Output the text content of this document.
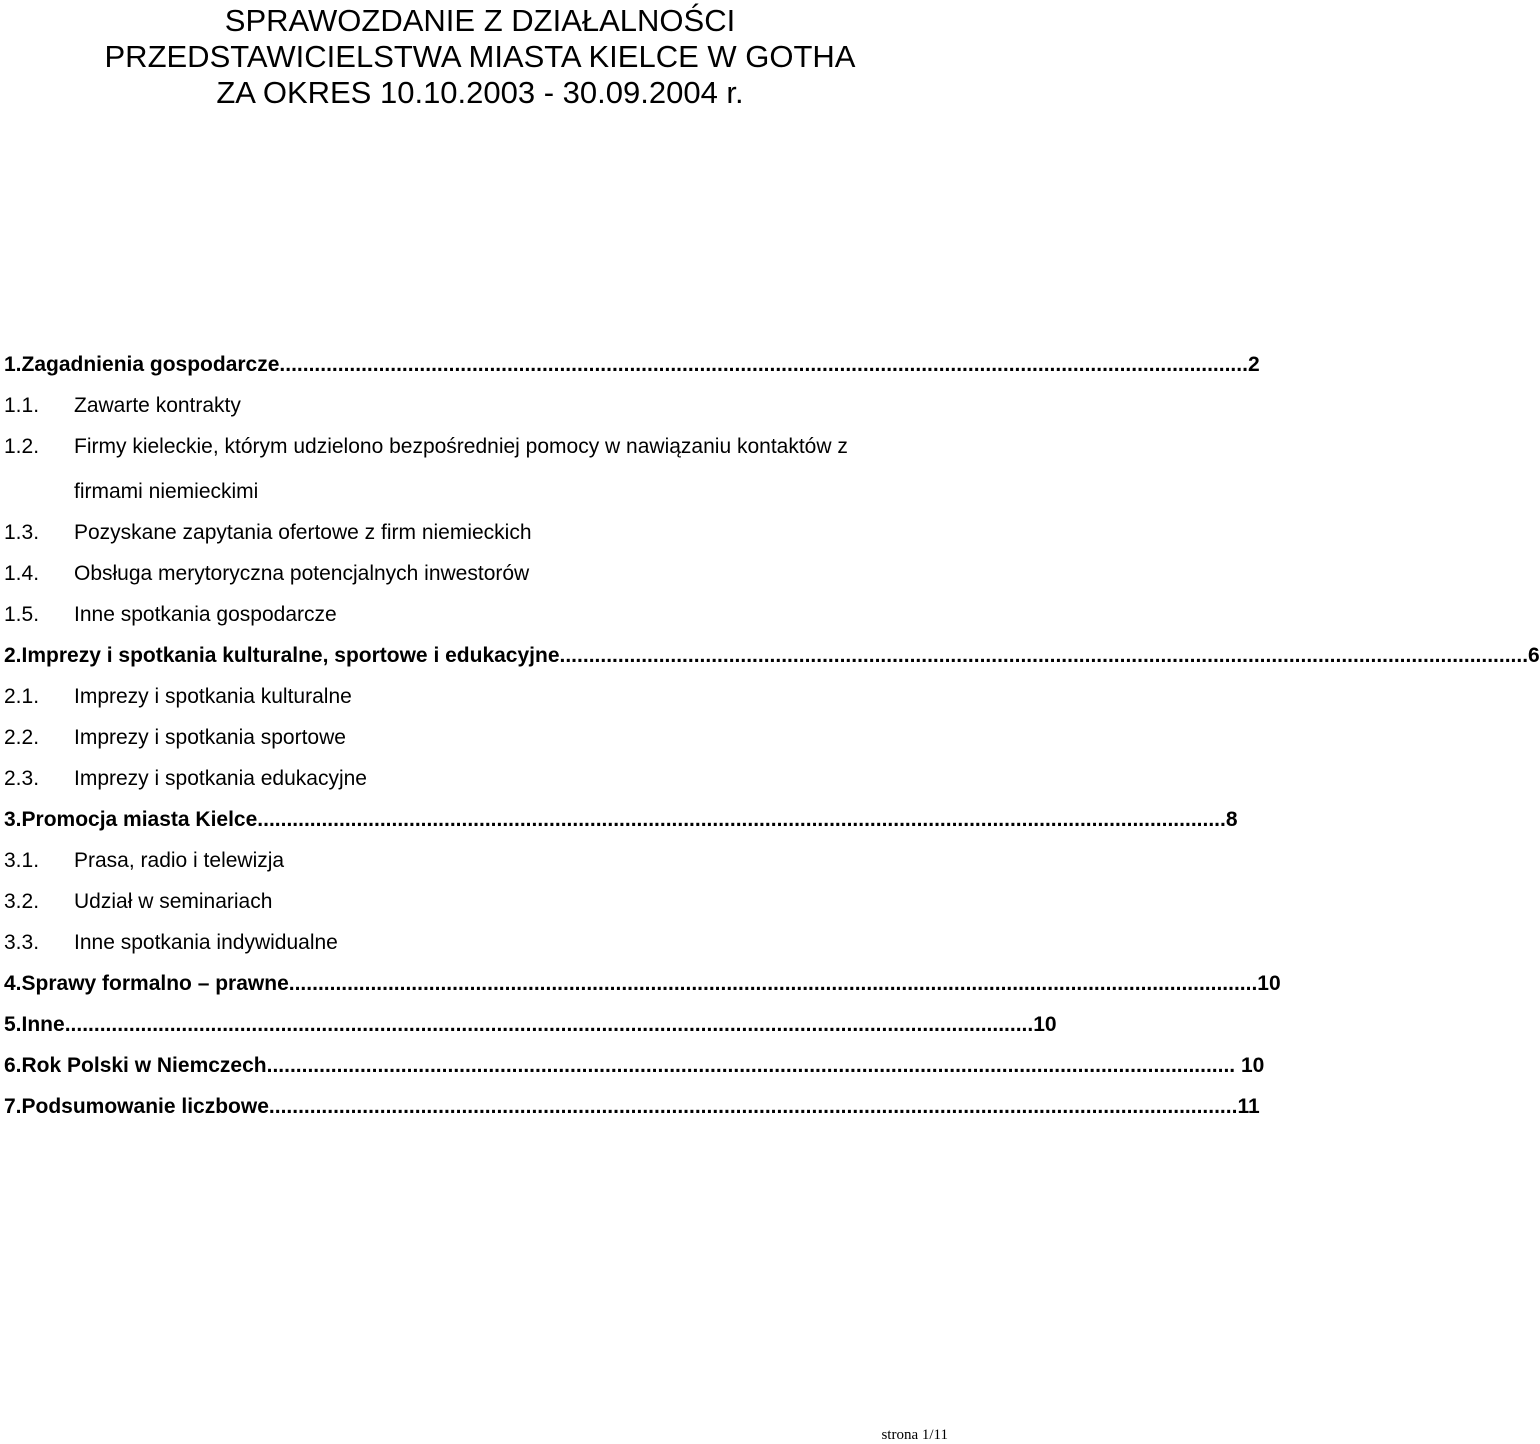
SPRAWOZDANIE Z DZIAŁALNOŚCI
PRZEDSTAWICIELSTWA MIASTA KIELCE W GOTHA
ZA OKRES 10.10.2003 - 30.09.2004 r.
1. Zagadnienia gospodarcze ...................................................................................................................................................................... 2
1.1. Zawarte kontrakty
1.2. Firmy kieleckie, którym udzielono bezpośredniej pomocy w nawiązaniu kontaktów z
firmami niemieckimi
1.3. Pozyskane zapytania ofertowe z firm niemieckich
1.4. Obsługa merytoryczna potencjalnych inwestorów
1.5. Inne spotkania gospodarcze
2. Imprezy i spotkania kulturalne, sportowe i edukacyjne ...................................................................................................................................................................... 6
2.1. Imprezy i spotkania kulturalne
2.2. Imprezy i spotkania sportowe
2.3. Imprezy i spotkania edukacyjne
3. Promocja miasta Kielce ...................................................................................................................................................................... 8
3.1. Prasa, radio i telewizja
3.2. Udział w seminariach
3.3. Inne spotkania indywidualne
4. Sprawy formalno – prawne ...................................................................................................................................................................... 10
5. Inne ...................................................................................................................................................................... 10
6. Rok Polski w Niemczech ...................................................................................................................................................................... 10
7. Podsumowanie liczbowe ...................................................................................................................................................................... 11
strona 1/11
